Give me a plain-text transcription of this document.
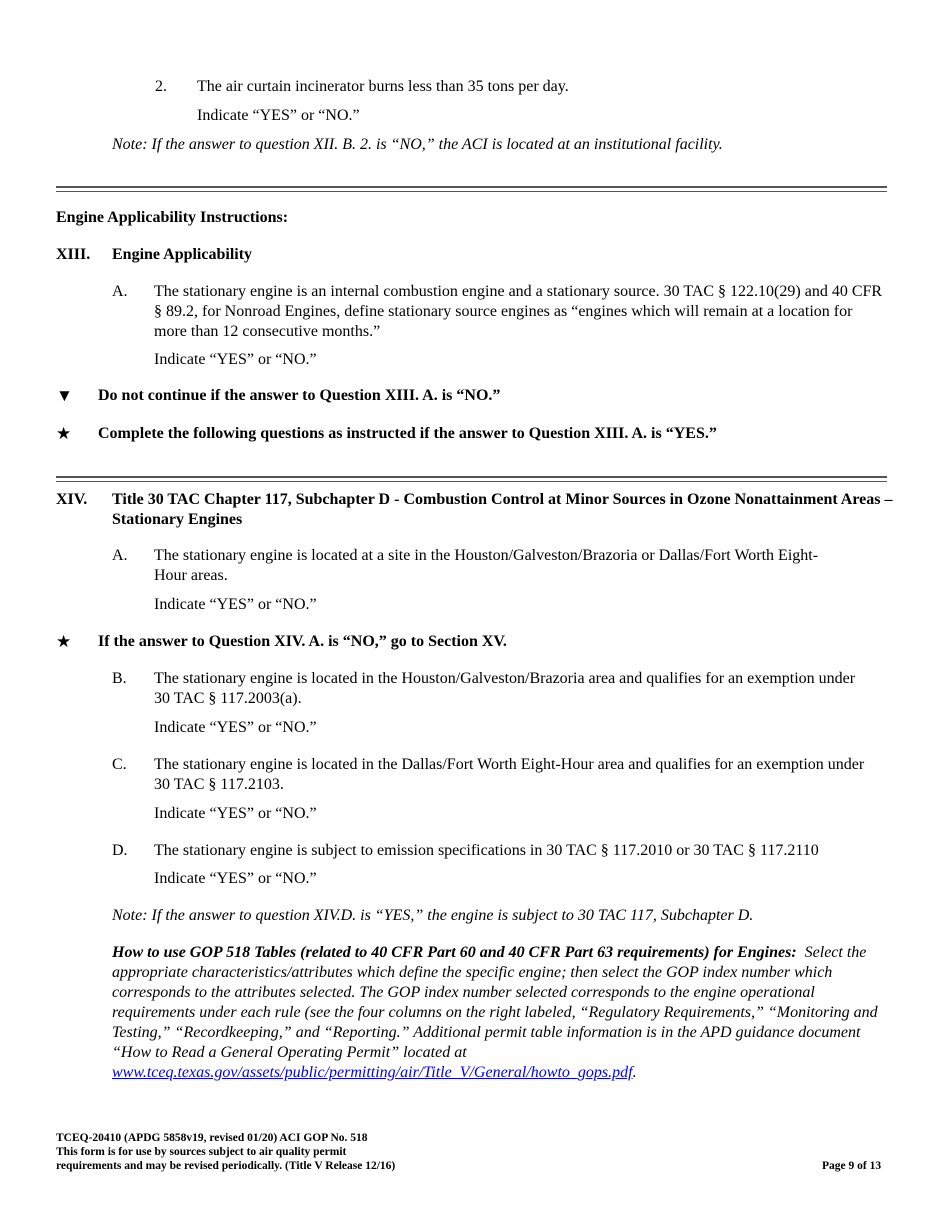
2. The air curtain incinerator burns less than 35 tons per day.
Indicate “YES” or “NO.”
Note: If the answer to question XII. B. 2. is “NO,” the ACI is located at an institutional facility.
Engine Applicability Instructions:
XIII. Engine Applicability
A. The stationary engine is an internal combustion engine and a stationary source. 30 TAC § 122.10(29) and 40 CFR § 89.2, for Nonroad Engines, define stationary source engines as “engines which will remain at a location for more than 12 consecutive months.”
Indicate “YES” or “NO.”
▼ Do not continue if the answer to Question XIII. A. is “NO.”
★ Complete the following questions as instructed if the answer to Question XIII. A. is “YES.”
XIV. Title 30 TAC Chapter 117, Subchapter D - Combustion Control at Minor Sources in Ozone Nonattainment Areas – Stationary Engines
A. The stationary engine is located at a site in the Houston/Galveston/Brazoria or Dallas/Fort Worth Eight-Hour areas.
Indicate “YES” or “NO.”
★ If the answer to Question XIV. A. is “NO,” go to Section XV.
B. The stationary engine is located in the Houston/Galveston/Brazoria area and qualifies for an exemption under 30 TAC § 117.2003(a).
Indicate “YES” or “NO.”
C. The stationary engine is located in the Dallas/Fort Worth Eight-Hour area and qualifies for an exemption under 30 TAC § 117.2103.
Indicate “YES” or “NO.”
D. The stationary engine is subject to emission specifications in 30 TAC § 117.2010 or 30 TAC § 117.2110
Indicate “YES” or “NO.”
Note: If the answer to question XIV.D. is “YES,” the engine is subject to 30 TAC 117, Subchapter D.
How to use GOP 518 Tables (related to 40 CFR Part 60 and 40 CFR Part 63 requirements) for Engines: Select the appropriate characteristics/attributes which define the specific engine; then select the GOP index number which corresponds to the attributes selected. The GOP index number selected corresponds to the engine operational requirements under each rule (see the four columns on the right labeled, “Regulatory Requirements,” “Monitoring and Testing,” “Recordkeeping,” and “Reporting.” Additional permit table information is in the APD guidance document “How to Read a General Operating Permit” located at www.tceq.texas.gov/assets/public/permitting/air/Title_V/General/howto_gops.pdf.
TCEQ-20410 (APDG 5858v19, revised 01/20) ACI GOP No. 518
This form is for use by sources subject to air quality permit
requirements and may be revised periodically. (Title V Release 12/16)	Page 9 of 13
